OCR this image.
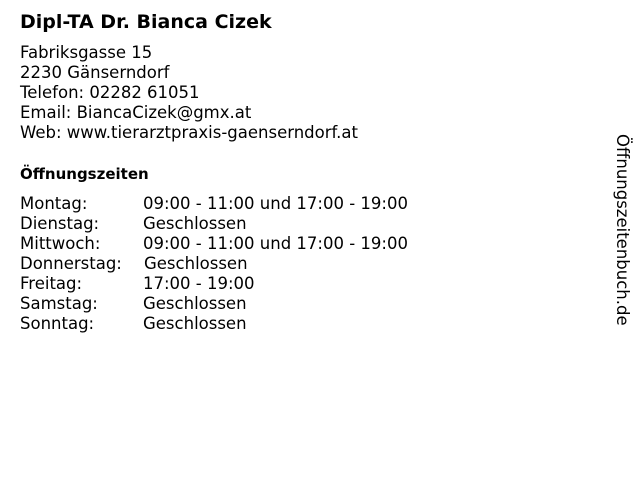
Dipl-TA Dr. Bianca Cizek
Fabriksgasse 15
2230 Gänserndorf
Telefon: 02282 61051
Email: BiancaCizek@gmx.at
Web: www.tierarztpraxis-gaenserndorf.at
Öffnungszeiten
Montag:	09:00 - 11:00 und 17:00 - 19:00
Dienstag:	Geschlossen
Mittwoch:	09:00 - 11:00 und 17:00 - 19:00
Donnerstag: Geschlossen
Freitag:	17:00 - 19:00
Samstag:	Geschlossen
Sonntag:	Geschlossen	Öffnungszeitenbuch.de
